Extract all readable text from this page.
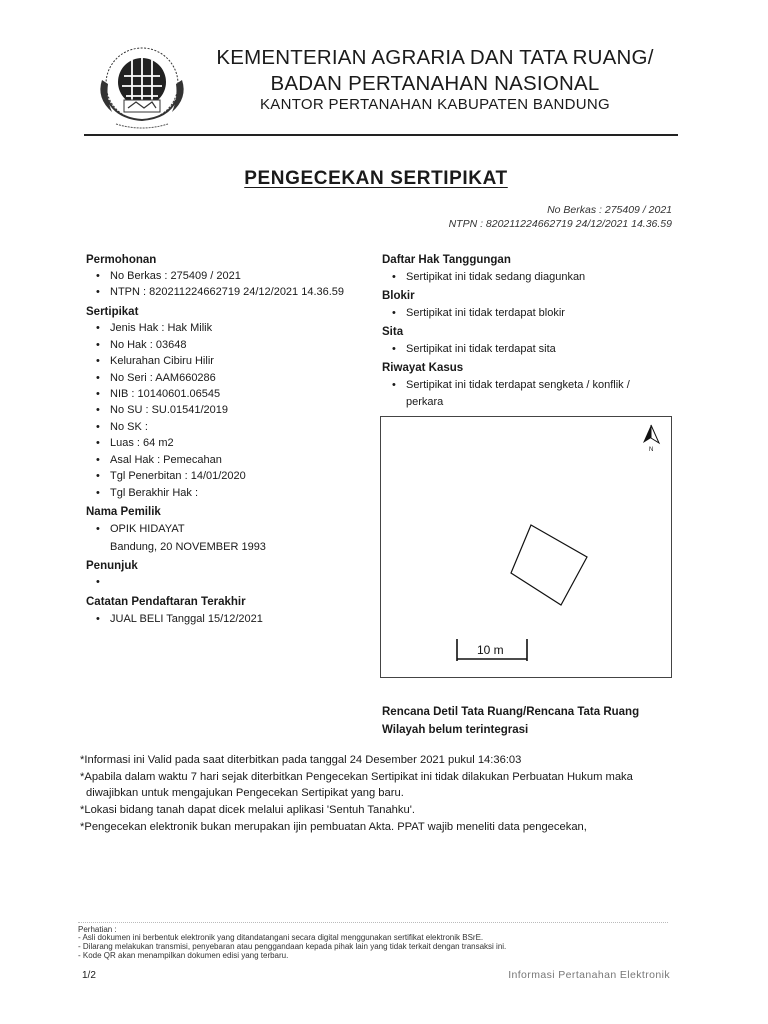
KEMENTERIAN AGRARIA DAN TATA RUANG/
BADAN PERTANAHAN NASIONAL
KANTOR PERTANAHAN KABUPATEN BANDUNG
PENGECEKAN SERTIPIKAT
No Berkas : 275409 / 2021
NTPN : 820211224662719 24/12/2021 14.36.59
Permohonan
• No Berkas : 275409 / 2021
• NTPN : 820211224662719 24/12/2021 14.36.59
Sertipikat
• Jenis Hak : Hak Milik
• No Hak : 03648
• Kelurahan Cibiru Hilir
• No Seri : AAM660286
• NIB : 10140601.06545
• No SU : SU.01541/2019
• No SK :
• Luas : 64 m2
• Asal Hak : Pemecahan
• Tgl Penerbitan : 14/01/2020
• Tgl Berakhir Hak :
Nama Pemilik
• OPIK HIDAYAT
Bandung, 20 NOVEMBER 1993
Penunjuk
•
Catatan Pendaftaran Terakhir
• JUAL BELI Tanggal 15/12/2021
Daftar Hak Tanggungan
• Sertipikat ini tidak sedang diagunkan
Blokir
• Sertipikat ini tidak terdapat blokir
Sita
• Sertipikat ini tidak terdapat sita
Riwayat Kasus
• Sertipikat ini tidak terdapat sengketa / konflik /
perkara
N
10 m
Rencana Detil Tata Ruang/Rencana Tata Ruang
Wilayah belum terintegrasi
*Informasi ini Valid pada saat diterbitkan pada tanggal 24 Desember 2021 pukul 14:36:03
*Apabila dalam waktu 7 hari sejak diterbitkan Pengecekan Sertipikat ini tidak dilakukan Perbuatan Hukum maka
diwajibkan untuk mengajukan Pengecekan Sertipikat yang baru.
*Lokasi bidang tanah dapat dicek melalui aplikasi 'Sentuh Tanahku'.
*Pengecekan elektronik bukan merupakan ijin pembuatan Akta. PPAT wajib meneliti data pengecekan,
Perhatian :
- Asli dokumen ini berbentuk elektronik yang ditandatangani secara digital menggunakan sertifikat elektronik BSrE.
- Dilarang melakukan transmisi, penyebaran atau penggandaan kepada pihak lain yang tidak terkait dengan transaksi ini.
- Kode QR akan menampilkan dokumen edisi yang terbaru.
1/2	Informasi Pertanahan Elektronik
